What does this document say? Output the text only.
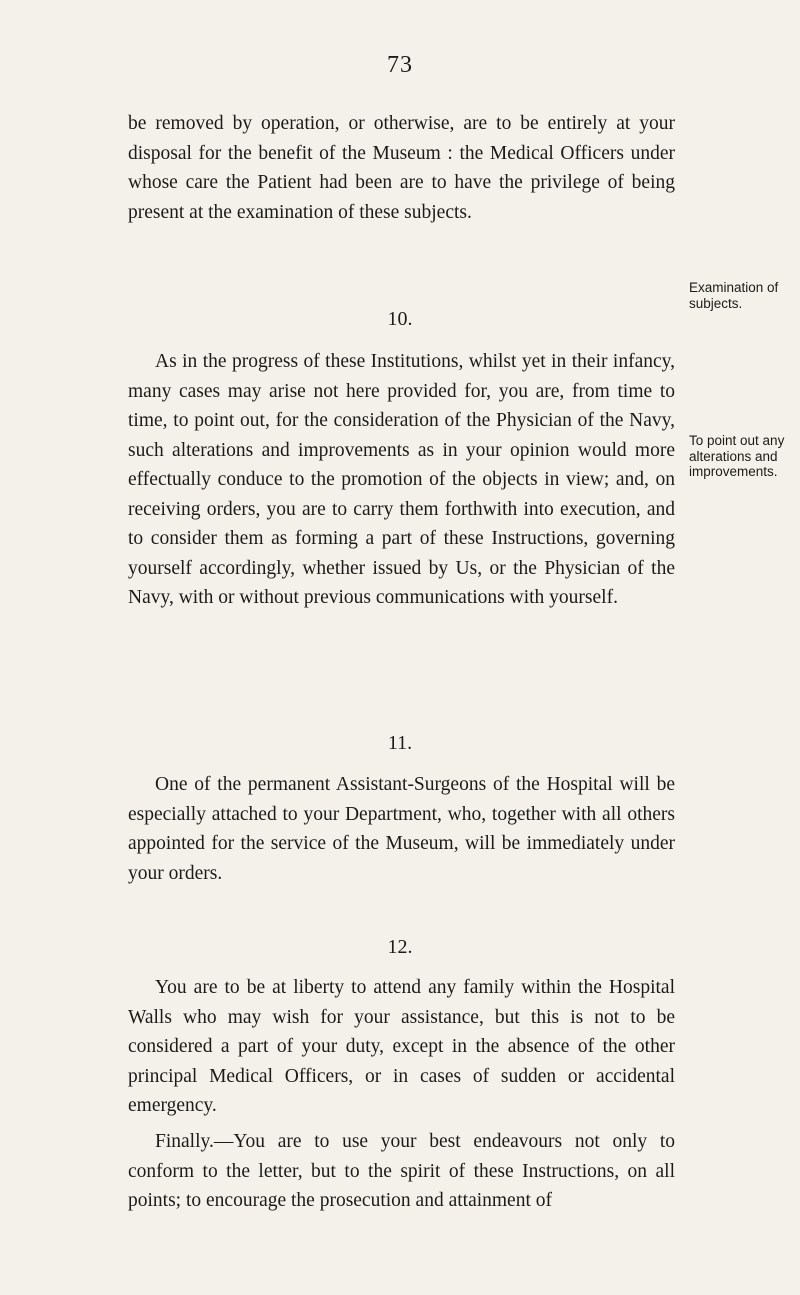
73

be removed by operation, or otherwise, are to be entirely at your disposal for the benefit of the Museum : the Medical Officers under whose care the Patient had been are to have the privilege of being present at the examination of these subjects.

Examination of subjects.
10.

As in the progress of these Institutions, whilst yet in their infancy, many cases may arise not here provided for, you are, from time to time, to point out, for the consideration of the Physician of the Navy, such alterations and improvements as in your opinion would more effectually conduce to the promotion of the objects in view; and, on receiving orders, you are to carry them forthwith into execution, and to consider them as forming a part of these Instructions, governing yourself accordingly, whether issued by Us, or the Physician of the Navy, with or without previous communications with yourself.

To point out any alterations and improvements.
11.

One of the permanent Assistant-Surgeons of the Hospital will be especially attached to your Department, who, together with all others appointed for the service of the Museum, will be immediately under your orders.

12.

You are to be at liberty to attend any family within the Hospital Walls who may wish for your assistance, but this is not to be considered a part of your duty, except in the absence of the other principal Medical Officers, or in cases of sudden or accidental emergency.

Finally.—You are to use your best endeavours not only to conform to the letter, but to the spirit of these Instructions, on all points; to encourage the prosecution and attainment of
